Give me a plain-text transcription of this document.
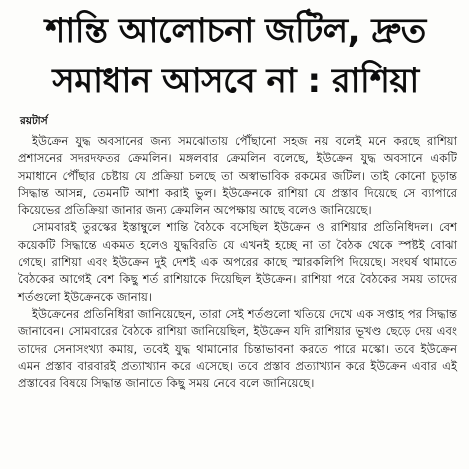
শান্তি আলোচনা জটিল, দ্রুত
সমাধান আসবে না : রাশিয়া
রয়টার্স

ইউক্রেন যুদ্ধ অবসানের জন্য সমঝোতায় পৌঁছানো সহজ নয় বলেই মনে করছে রাশিয়া প্রশাসনের সদরদফতর ক্রেমলিন। মঙ্গলবার ক্রেমলিন বলেছে, ইউক্রেন যুদ্ধ অবসানে একটি সমাধানে পৌঁছার চেষ্টায় যে প্রক্রিয়া চলছে তা অস্বাভাবিক রকমের জটিল। তাই কোনো চূড়ান্ত সিদ্ধান্ত আসন্ন, তেমনটি আশা করাই ভুল। ইউক্রেনকে রাশিয়া যে প্রস্তাব দিয়েছে সে ব্যাপারে কিয়েভের প্রতিক্রিয়া জানার জন্য ক্রেমলিন অপেক্ষায় আছে বলেও জানিয়েছে।

সোমবারই তুরস্কের ইস্তাম্বুলে শান্তি বৈঠকে বসেছিল ইউক্রেন ও রাশিয়ার প্রতিনিধিদল। বেশ কয়েকটি সিদ্ধান্তে একমত হলেও যুদ্ধবিরতি যে এখনই হচ্ছে না তা বৈঠক থেকে স্পষ্টই বোঝা গেছে। রাশিয়া এবং ইউক্রেন দুই দেশই এক অপরের কাছে স্মারকলিপি দিয়েছে। সংঘর্ষ থামাতে বৈঠকের আগেই বেশ কিছু শর্ত রাশিয়াকে দিয়েছিল ইউক্রেন। রাশিয়া পরে বৈঠকের সময় তাদের শর্তগুলো ইউক্রেনকে জানায়।

ইউক্রেনের প্রতিনিধিরা জানিয়েছেন, তারা সেই শর্তগুলো খতিয়ে দেখে এক সপ্তাহ পর সিদ্ধান্ত জানাবেন। সোমবারের বৈঠকে রাশিয়া জানিয়েছিল, ইউক্রেন যদি রাশিয়ার ভূখণ্ড ছেড়ে দেয় এবং তাদের সেনাসংখ্যা কমায়, তবেই যুদ্ধ থামানোর চিন্তাভাবনা করতে পারে মস্কো। তবে ইউক্রেন এমন প্রস্তাব বারবারই প্রত্যাখ্যান করে এসেছে। তবে প্রস্তাব প্রত্যাখ্যান করে ইউক্রেন এবার এই প্রস্তাবের বিষয়ে সিদ্ধান্ত জানাতে কিছু সময় নেবে বলে জানিয়েছে।
